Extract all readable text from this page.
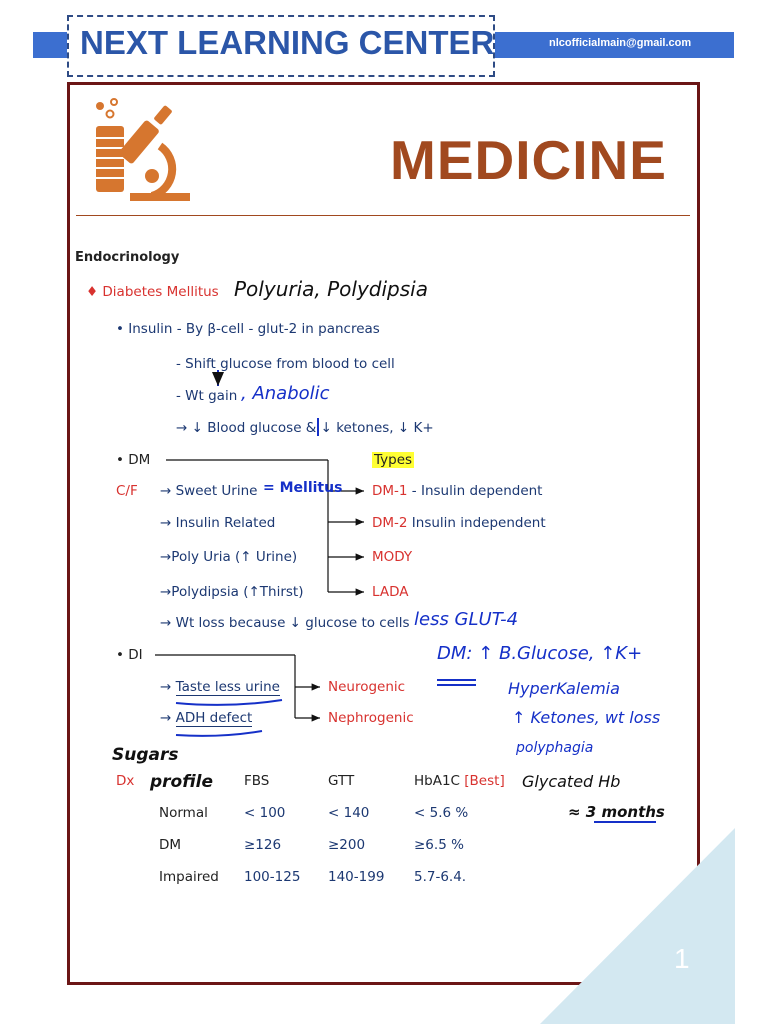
NEXT LEARNING CENTER	nlcofficialmain@gmail.com
MEDICINE
Endocrinology
♦ Diabetes Mellitus
• Insulin - By β-cell - glut-2 in pancreas
- Shift glucose from blood to cell
- Wt gain
→ ↓ Blood glucose & ↓ ketones, ↓ K+
• DM	Types
C/F → Sweet Urine
→ Insulin Related
→Poly Uria (↑ Urine)
→Polydipsia (↑Thirst)
→ Wt loss because ↓ glucose to cells
DM-1 - Insulin dependent
DM-2 Insulin independent
MODY
LADA
• DI
→ Taste less urine
→ ADH defect
Neurogenic
Nephrogenic
Dx	FBS	GTT	HbA1C [Best]
Normal	< 100	< 140	< 5.6 %
DM	≥126	≥200	≥6.5 %
Impaired 100-125 140-199 5.7-6.4.
Polyuria, Polydipsia
, Anabolic
= Mellitus
less GLUT-4
DM: ↑ B.Glucose, ↑K+
HyperKalemia
↑ Ketones, wt loss
polyphagia
Sugars
profile	Glycated Hb
≈ 3 months
1
